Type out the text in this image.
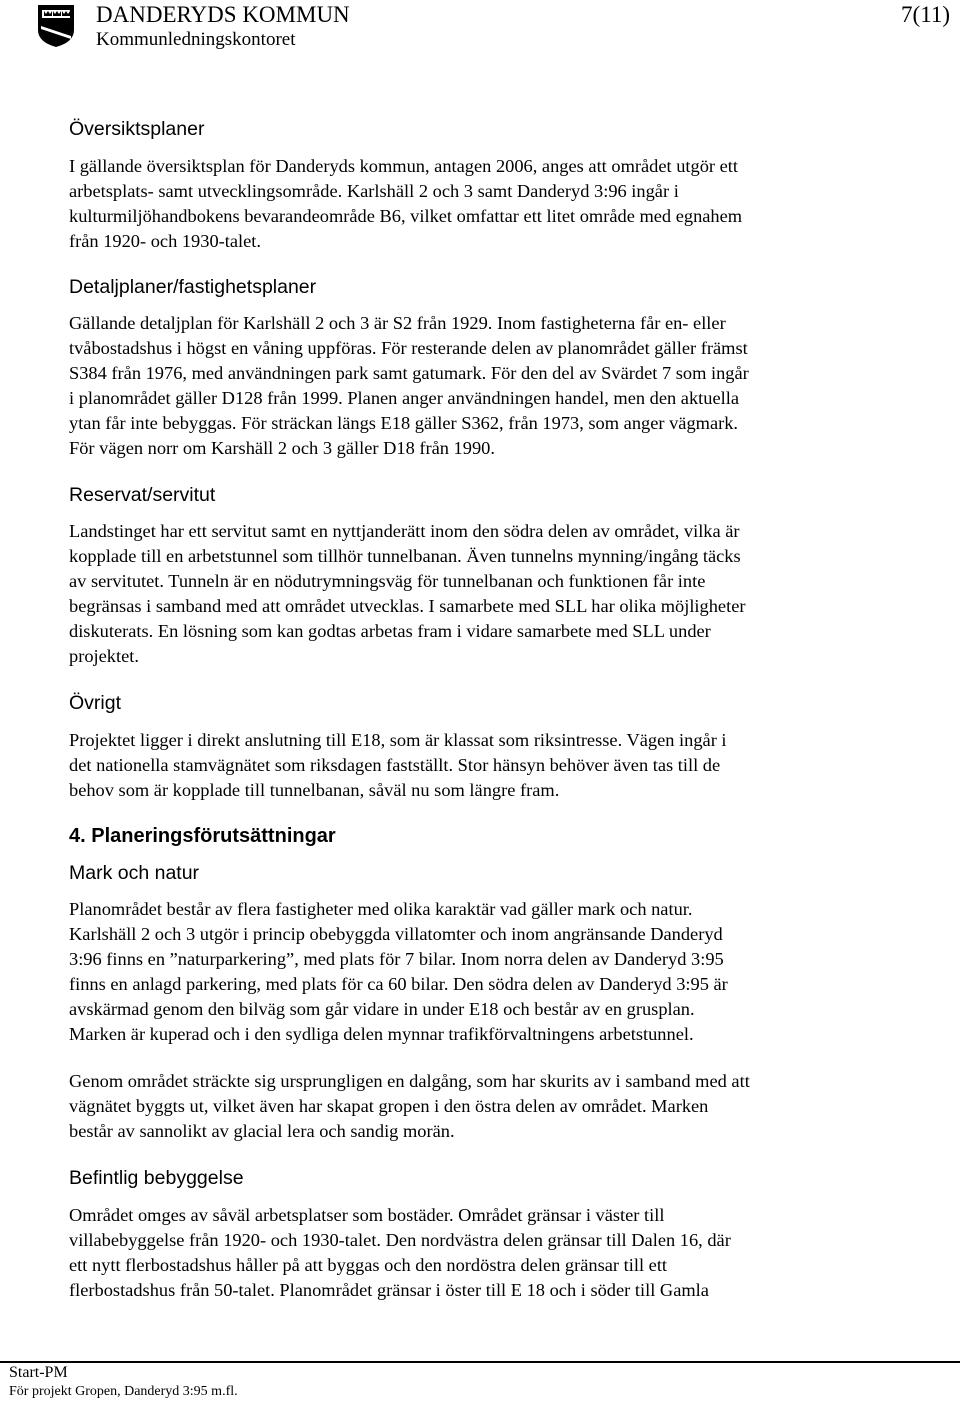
DANDERYDS KOMMUN
Kommunledningskontoret
7(11)
Översiktsplaner
I gällande översiktsplan för Danderyds kommun, antagen 2006, anges att området utgör ett
arbetsplats- samt utvecklingsområde. Karlshäll 2 och 3 samt Danderyd 3:96 ingår i
kulturmiljöhandbokens bevarandeområde B6, vilket omfattar ett litet område med egnahem
från 1920- och 1930-talet.
Detaljplaner/fastighetsplaner
Gällande detaljplan för Karlshäll 2 och 3 är S2 från 1929. Inom fastigheterna får en- eller
tvåbostadshus i högst en våning uppföras. För resterande delen av planområdet gäller främst
S384 från 1976, med användningen park samt gatumark. För den del av Svärdet 7 som ingår
i planområdet gäller D128 från 1999. Planen anger användningen handel, men den aktuella
ytan får inte bebyggas. För sträckan längs E18 gäller S362, från 1973, som anger vägmark.
För vägen norr om Karshäll 2 och 3 gäller D18 från 1990.
Reservat/servitut
Landstinget har ett servitut samt en nyttjanderätt inom den södra delen av området, vilka är
kopplade till en arbetstunnel som tillhör tunnelbanan. Även tunnelns mynning/ingång täcks
av servitutet. Tunneln är en nödutrymningsväg för tunnelbanan och funktionen får inte
begränsas i samband med att området utvecklas. I samarbete med SLL har olika möjligheter
diskuterats. En lösning som kan godtas arbetas fram i vidare samarbete med SLL under
projektet.
Övrigt
Projektet ligger i direkt anslutning till E18, som är klassat som riksintresse. Vägen ingår i
det nationella stamvägnätet som riksdagen fastställt. Stor hänsyn behöver även tas till de
behov som är kopplade till tunnelbanan, såväl nu som längre fram.
4. Planeringsförutsättningar
Mark och natur
Planområdet består av flera fastigheter med olika karaktär vad gäller mark och natur.
Karlshäll 2 och 3 utgör i princip obebyggda villatomter och inom angränsande Danderyd
3:96 finns en ”naturparkering”, med plats för 7 bilar. Inom norra delen av Danderyd 3:95
finns en anlagd parkering, med plats för ca 60 bilar. Den södra delen av Danderyd 3:95 är
avskärmad genom den bilväg som går vidare in under E18 och består av en grusplan.
Marken är kuperad och i den sydliga delen mynnar trafikförvaltningens arbetstunnel.
Genom området sträckte sig ursprungligen en dalgång, som har skurits av i samband med att
vägnätet byggts ut, vilket även har skapat gropen i den östra delen av området. Marken
består av sannolikt av glacial lera och sandig morän.
Befintlig bebyggelse
Området omges av såväl arbetsplatser som bostäder. Området gränsar i väster till
villabebyggelse från 1920- och 1930-talet. Den nordvästra delen gränsar till Dalen 16, där
ett nytt flerbostadshus håller på att byggas och den nordöstra delen gränsar till ett
flerbostadshus från 50-talet. Planområdet gränsar i öster till E 18 och i söder till Gamla
Start-PM
För projekt Gropen, Danderyd 3:95 m.fl.
